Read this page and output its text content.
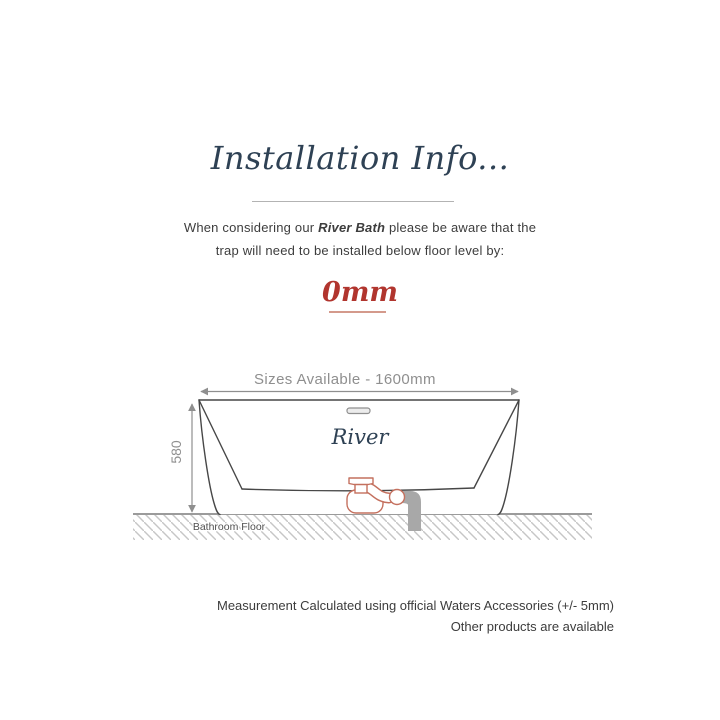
Installation Info...
When considering our River Bath please be aware that the
trap will need to be installed below floor level by:
0mm
Sizes Available - 1600mm
River
580
Bathroom Floor
Measurement Calculated using official Waters Accessories (+/- 5mm)
Other products are available
